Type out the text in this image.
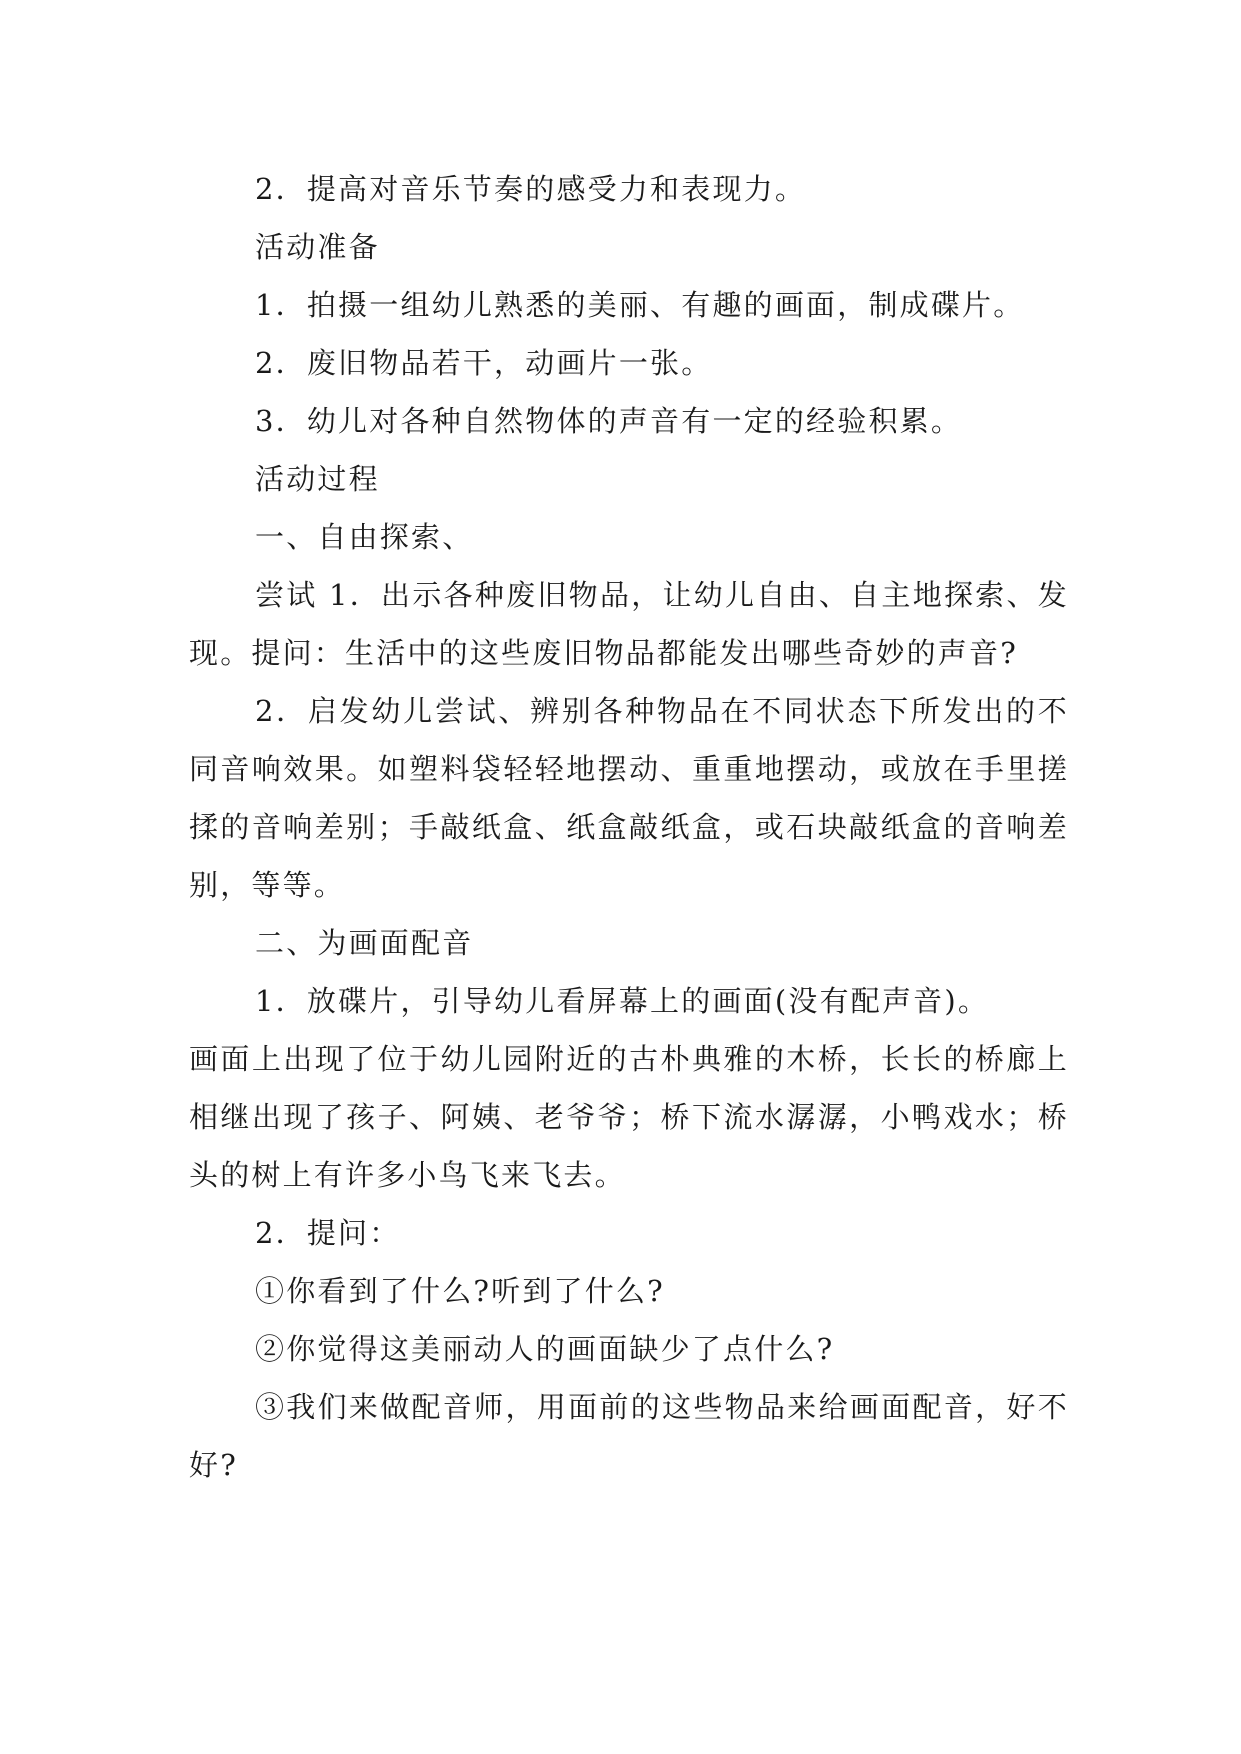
2．提高对音乐节奏的感受力和表现力。

活动准备

1．拍摄一组幼儿熟悉的美丽、有趣的画面，制成碟片。

2．废旧物品若干，动画片一张。

3．幼儿对各种自然物体的声音有一定的经验积累。

活动过程

一、自由探索、

尝试 1．出示各种废旧物品，让幼儿自由、自主地探索、发现。提问：生活中的这些废旧物品都能发出哪些奇妙的声音?

2．启发幼儿尝试、辨别各种物品在不同状态下所发出的不同音响效果。如塑料袋轻轻地摆动、重重地摆动，或放在手里搓揉的音响差别；手敲纸盒、纸盒敲纸盒，或石块敲纸盒的音响差别，等等。

二、为画面配音

1．放碟片，引导幼儿看屏幕上的画面(没有配声音)。

画面上出现了位于幼儿园附近的古朴典雅的木桥，长长的桥廊上相继出现了孩子、阿姨、老爷爷；桥下流水潺潺，小鸭戏水；桥头的树上有许多小鸟飞来飞去。

2．提问：

①你看到了什么?听到了什么?

②你觉得这美丽动人的画面缺少了点什么?

③我们来做配音师，用面前的这些物品来给画面配音，好不好?
